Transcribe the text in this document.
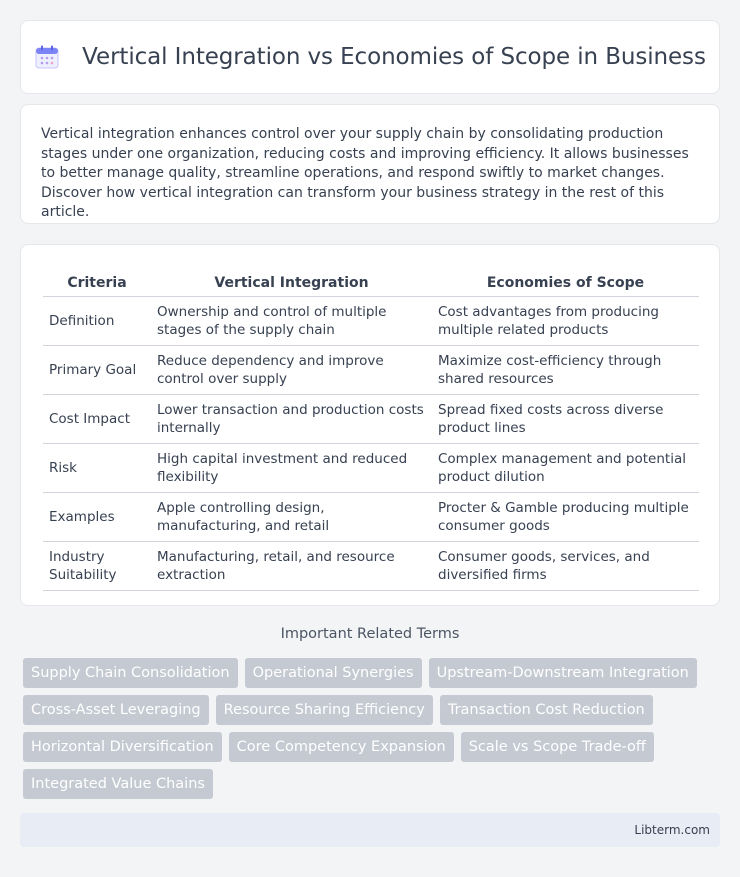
Vertical Integration vs Economies of Scope in Business

Vertical integration enhances control over your supply chain by consolidating production stages under one organization, reducing costs and improving efficiency. It allows businesses to better manage quality, streamline operations, and respond swiftly to market changes. Discover how vertical integration can transform your business strategy in the rest of this article.

Criteria	Vertical Integration	Economies of Scope
Definition	Ownership and control of multiple stages of the supply chain	Cost advantages from producing multiple related products
Primary Goal	Reduce dependency and improve control over supply	Maximize cost-efficiency through shared resources
Cost Impact	Lower transaction and production costs internally	Spread fixed costs across diverse product lines
Risk	High capital investment and reduced flexibility	Complex management and potential product dilution
Examples	Apple controlling design, manufacturing, and retail	Procter & Gamble producing multiple consumer goods
Industry Suitability	Manufacturing, retail, and resource extraction	Consumer goods, services, and diversified firms
Important Related Terms
Supply Chain Consolidation	Operational Synergies	Upstream-Downstream Integration
Cross-Asset Leveraging	Resource Sharing Efficiency	Transaction Cost Reduction
Horizontal Diversification	Core Competency Expansion	Scale vs Scope Trade-off
Integrated Value Chains
Libterm.com
